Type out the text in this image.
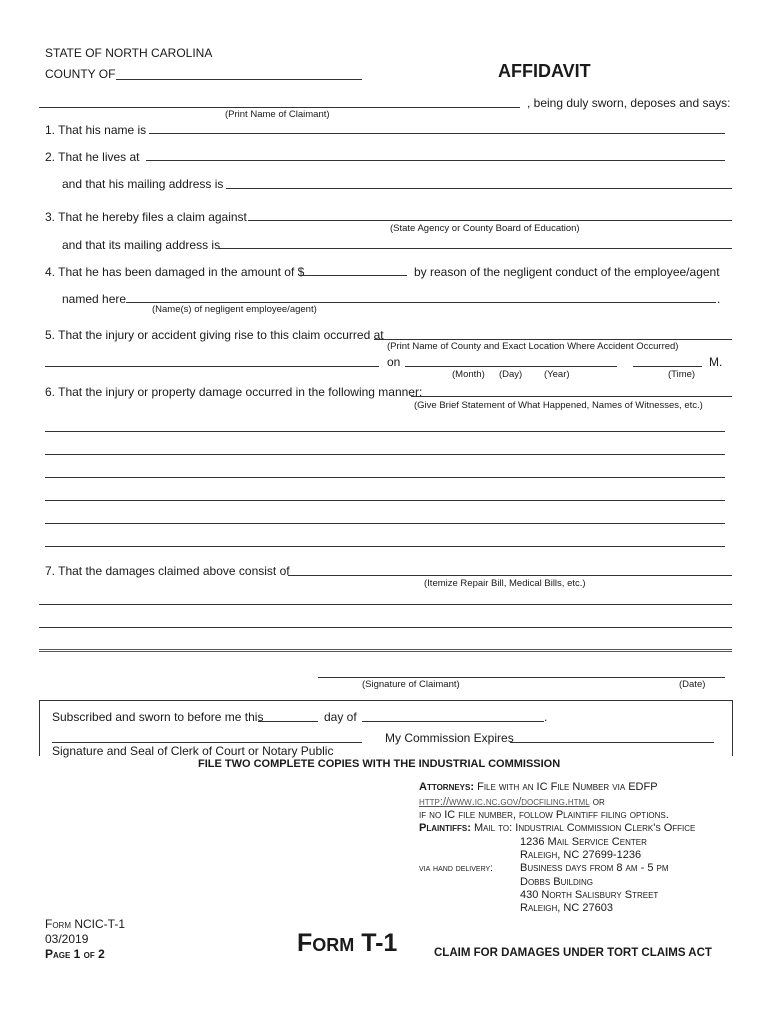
STATE OF NORTH CAROLINA
COUNTY OF	AFFIDAVIT
, being duly sworn, deposes and says:
(Print Name of Claimant)
1. That his name is
2. That he lives at
and that his mailing address is
3. That he hereby files a claim against
(State Agency or County Board of Education)
and that its mailing address is
4. That he has been damaged in the amount of $	by reason of the negligent conduct of the employee/agent
named here	.
(Name(s) of negligent employee/agent)
5. That the injury or accident giving rise to this claim occurred at
(Print Name of County and Exact Location Where Accident Occurred)
on	M.
(Month) (Day) (Year)	(Time)
6. That the injury or property damage occurred in the following manner:
(Give Brief Statement of What Happened, Names of Witnesses, etc.)
7. That the damages claimed above consist of
(Itemize Repair Bill, Medical Bills, etc.)
(Signature of Claimant)	(Date)
Subscribed and sworn to before me this	day of	.
My Commission Expires
Signature and Seal of Clerk of Court or Notary Public
FILE TWO COMPLETE COPIES WITH THE INDUSTRIAL COMMISSION
Attorneys: File with an IC File Number via EDFP
http://www.ic.nc.gov/docfiling.html or
if no IC file number, follow Plaintiff filing options.
Plaintiffs: Mail to: Industrial Commission Clerk's Office
1236 Mail Service Center
Raleigh, NC 27699-1236
via hand delivery: Business days from 8 am - 5 pm
Dobbs Building
430 North Salisbury Street
Raleigh, NC 27603
Form NCIC-T-1
03/2019
Page 1 of 2	Form T-1	CLAIM FOR DAMAGES UNDER TORT CLAIMS ACT
